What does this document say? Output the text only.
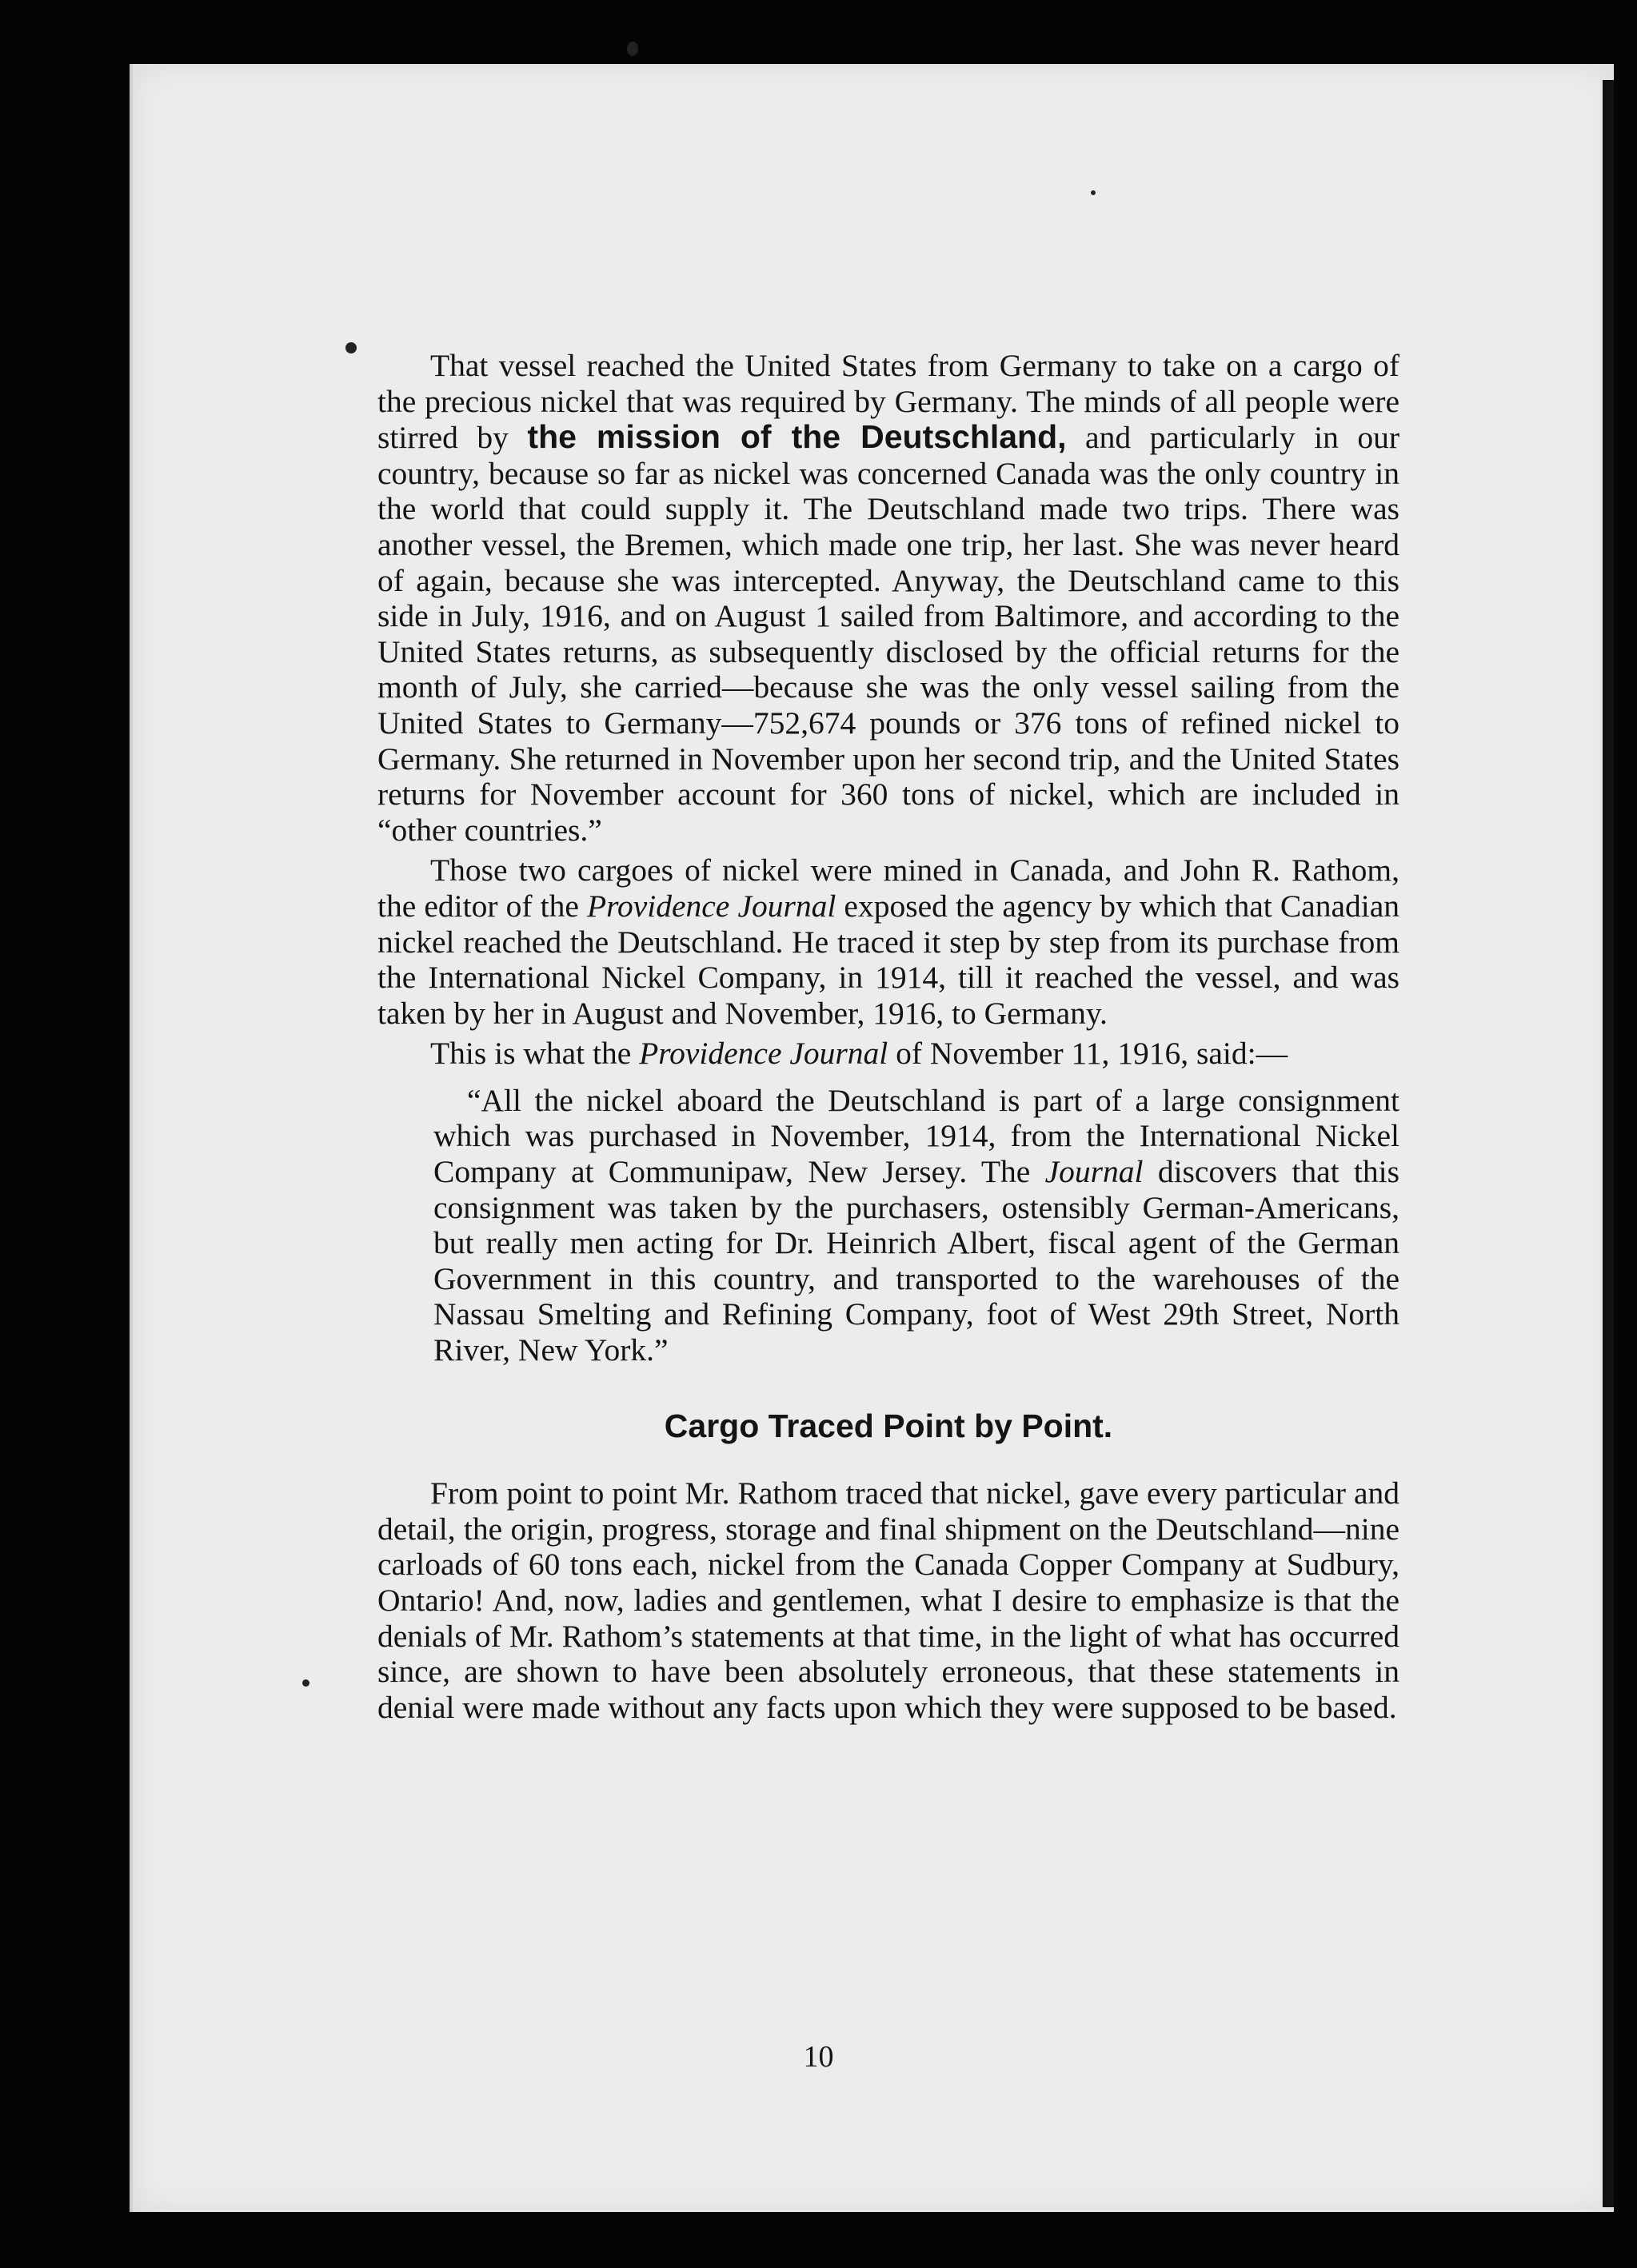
That vessel reached the United States from Germany to take on a cargo of the precious nickel that was required by Germany. The minds of all people were stirred by the mission of the Deutschland, and particularly in our country, because so far as nickel was concerned Canada was the only country in the world that could supply it. The Deutschland made two trips. There was another vessel, the Bremen, which made one trip, her last. She was never heard of again, because she was intercepted. Anyway, the Deutschland came to this side in July, 1916, and on August 1 sailed from Baltimore, and according to the United States returns, as subsequently disclosed by the official returns for the month of July, she carried—because she was the only vessel sailing from the United States to Germany—752,674 pounds or 376 tons of refined nickel to Germany. She returned in November upon her second trip, and the United States returns for November account for 360 tons of nickel, which are included in “other countries.”

Those two cargoes of nickel were mined in Canada, and John R. Rathom, the editor of the Providence Journal exposed the agency by which that Canadian nickel reached the Deutschland. He traced it step by step from its purchase from the International Nickel Company, in 1914, till it reached the vessel, and was taken by her in August and November, 1916, to Germany.

This is what the Providence Journal of November 11, 1916, said:—

“All the nickel aboard the Deutschland is part of a large consignment which was purchased in November, 1914, from the International Nickel Company at Communipaw, New Jersey. The Journal discovers that this consignment was taken by the purchasers, ostensibly German-Americans, but really men acting for Dr. Heinrich Albert, fiscal agent of the German Government in this country, and transported to the warehouses of the Nassau Smelting and Refining Company, foot of West 29th Street, North River, New York.”

Cargo Traced Point by Point.

From point to point Mr. Rathom traced that nickel, gave every particular and detail, the origin, progress, storage and final shipment on the Deutschland—nine carloads of 60 tons each, nickel from the Canada Copper Company at Sudbury, Ontario! And, now, ladies and gentlemen, what I desire to emphasize is that the denials of Mr. Rathom’s statements at that time, in the light of what has occurred since, are shown to have been absolutely erroneous, that these statements in denial were made without any facts upon which they were supposed to be based.

10
